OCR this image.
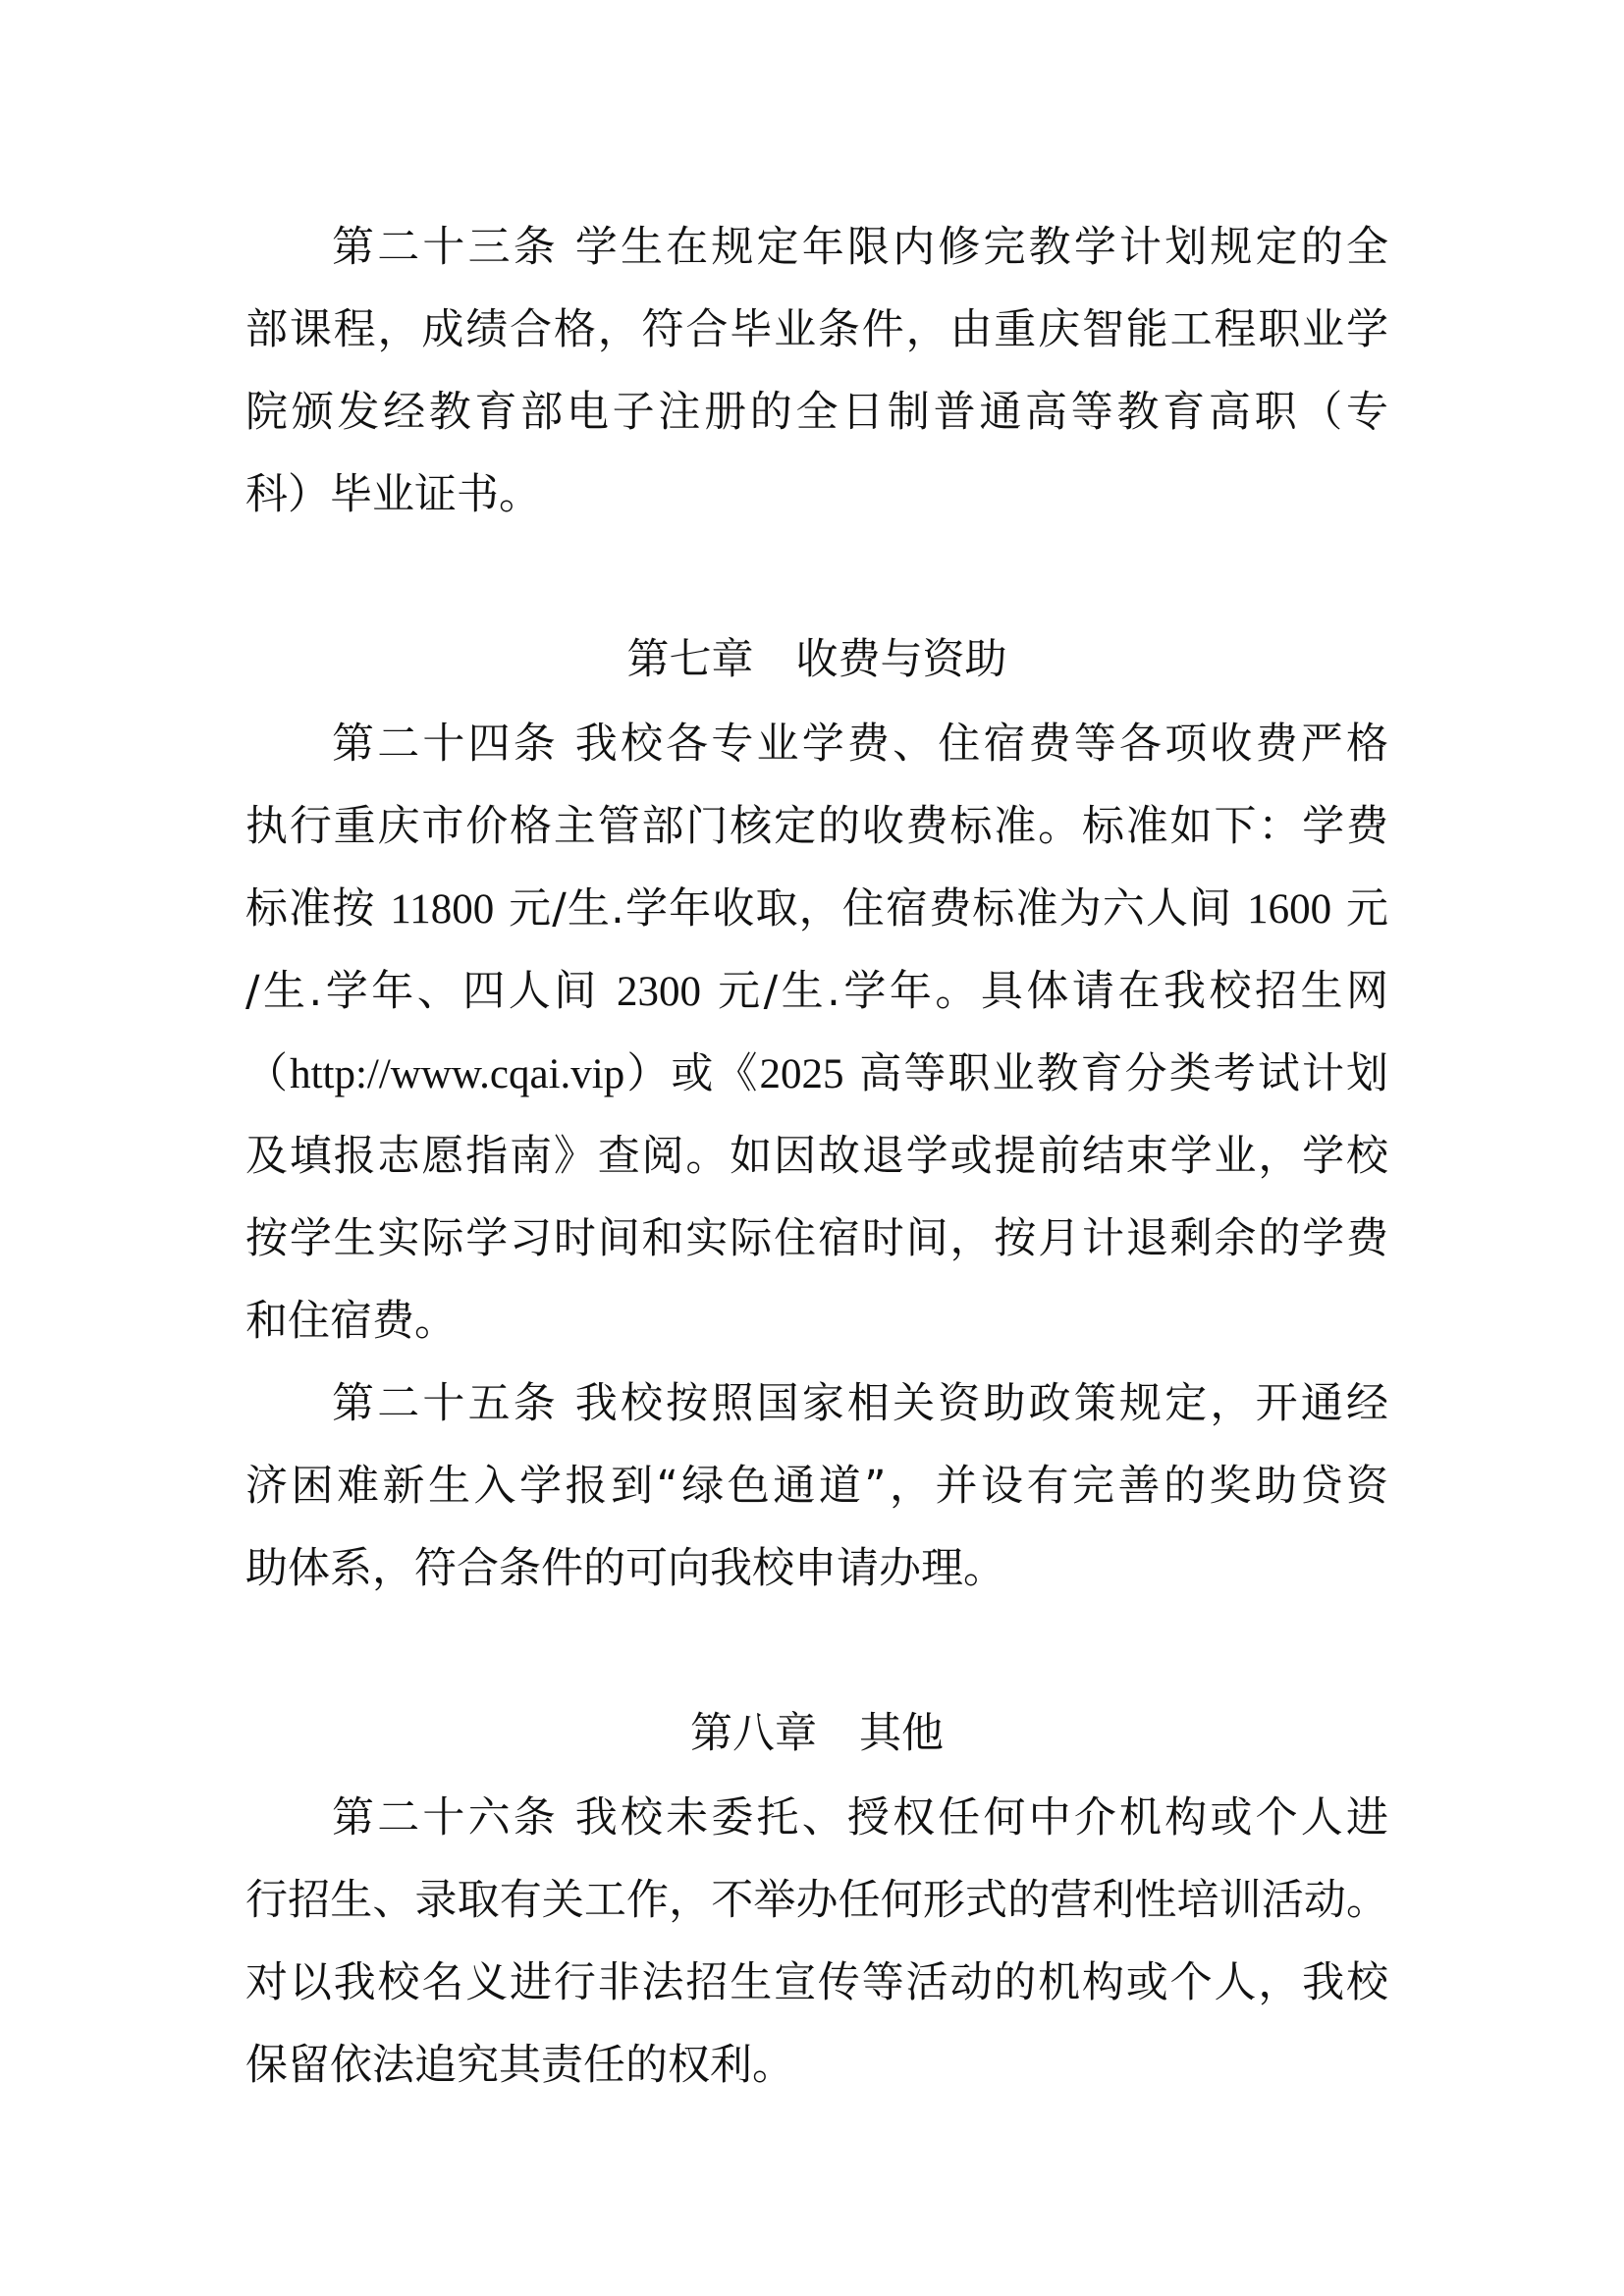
第二十三条 学生在规定年限内修完教学计划规定的全
部课程，成绩合格，符合毕业条件，由重庆智能工程职业学
院颁发经教育部电子注册的全日制普通高等教育高职（专
科）毕业证书。
第七章　收费与资助
第二十四条 我校各专业学费、住宿费等各项收费严格
执行重庆市价格主管部门核定的收费标准。标准如下：学费
标准按 11800 元/生.学年收取，住宿费标准为六人间 1600 元
/生.学年、四人间 2300 元/生.学年。具体请在我校招生网
（http://www.cqai.vip）或《2025 高等职业教育分类考试计划
及填报志愿指南》查阅。如因故退学或提前结束学业，学校
按学生实际学习时间和实际住宿时间，按月计退剩余的学费
和住宿费。
第二十五条 我校按照国家相关资助政策规定，开通经
济困难新生入学报到“绿色通道”，并设有完善的奖助贷资
助体系，符合条件的可向我校申请办理。
第八章　其他
第二十六条 我校未委托、授权任何中介机构或个人进
行招生、录取有关工作，不举办任何形式的营利性培训活动。
对以我校名义进行非法招生宣传等活动的机构或个人，我校
保留依法追究其责任的权利。
